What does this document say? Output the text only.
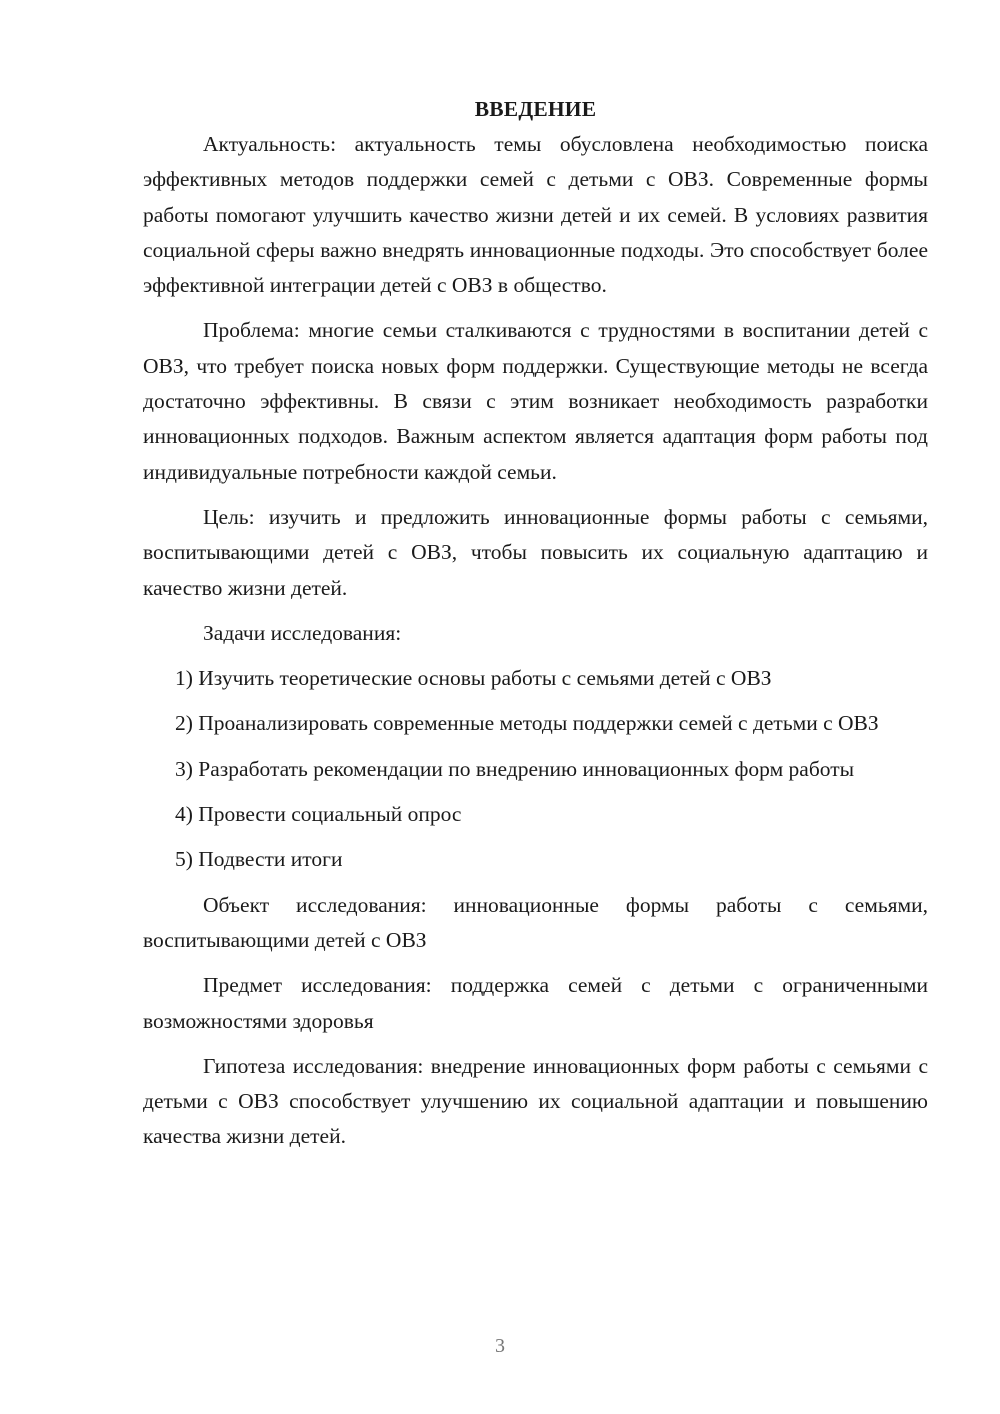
ВВЕДЕНИЕ

Актуальность: актуальность темы обусловлена необходимостью поиска эффективных методов поддержки семей с детьми с ОВЗ. Современные формы работы помогают улучшить качество жизни детей и их семей. В условиях развития социальной сферы важно внедрять инновационные подходы. Это способствует более эффективной интеграции детей с ОВЗ в общество.

Проблема: многие семьи сталкиваются с трудностями в воспитании детей с ОВЗ, что требует поиска новых форм поддержки. Существующие методы не всегда достаточно эффективны. В связи с этим возникает необходимость разработки инновационных подходов. Важным аспектом является адаптация форм работы под индивидуальные потребности каждой семьи.

Цель: изучить и предложить инновационные формы работы с семьями, воспитывающими детей с ОВЗ, чтобы повысить их социальную адаптацию и качество жизни детей.

Задачи исследования:

1) Изучить теоретические основы работы с семьями детей с ОВЗ

2) Проанализировать современные методы поддержки семей с детьми с ОВЗ

3) Разработать рекомендации по внедрению инновационных форм работы

4) Провести социальный опрос

5) Подвести итоги

Объект исследования: инновационные формы работы с семьями, воспитывающими детей с ОВЗ

Предмет исследования: поддержка семей с детьми с ограниченными возможностями здоровья

Гипотеза исследования: внедрение инновационных форм работы с семьями с детьми с ОВЗ способствует улучшению их социальной адаптации и повышению качества жизни детей.

3
